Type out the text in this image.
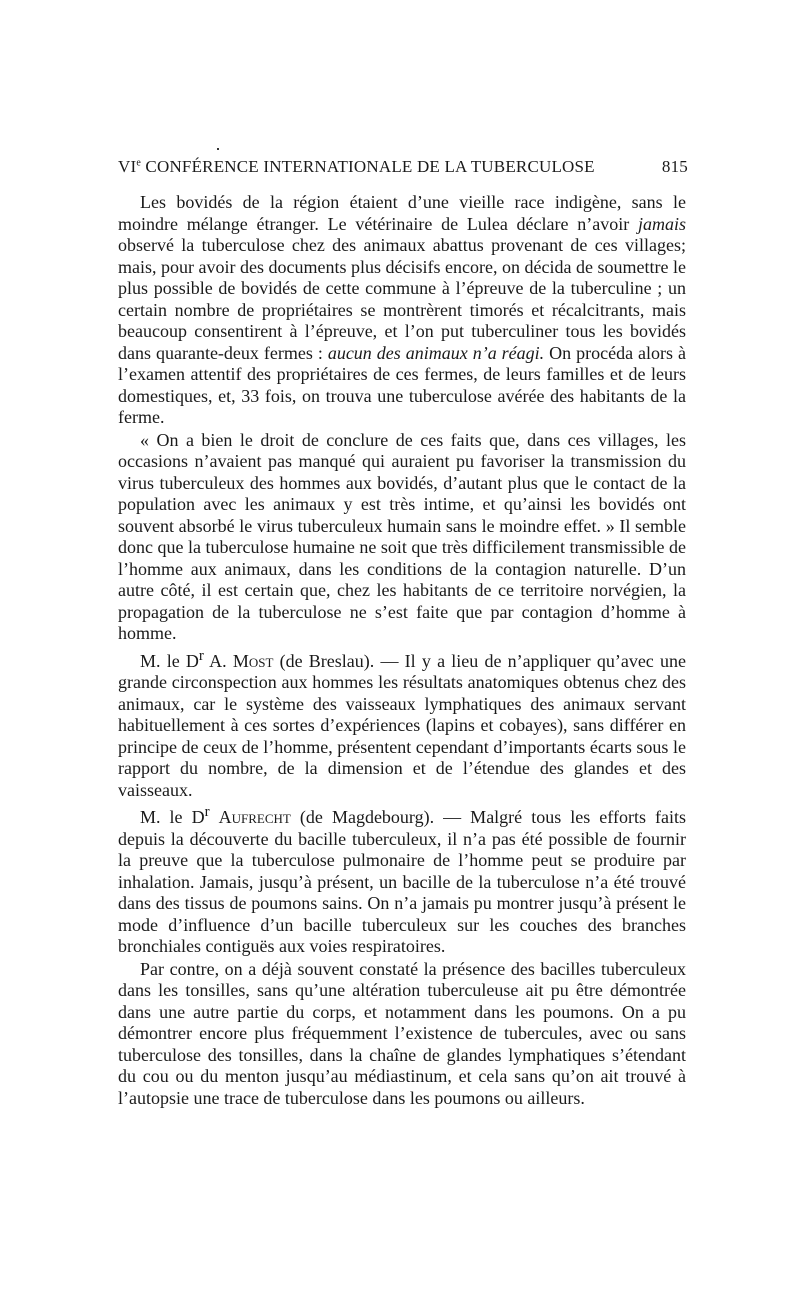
VIe CONFÉRENCE INTERNATIONALE DE LA TUBERCULOSE	815

Les bovidés de la région étaient d’une vieille race indigène, sans le moindre mélange étranger. Le vétérinaire de Lulea déclare n’avoir jamais observé la tuberculose chez des animaux abattus provenant de ces villages; mais, pour avoir des documents plus décisifs encore, on décida de soumettre le plus possible de bovidés de cette commune à l’épreuve de la tuberculine ; un certain nombre de propriétaires se montrèrent timorés et récalcitrants, mais beaucoup consentirent à l’épreuve, et l’on put tuberculiner tous les bovidés dans quarante-deux fermes : aucun des animaux n’a réagi. On procéda alors à l’examen attentif des propriétaires de ces fermes, de leurs familles et de leurs domestiques, et, 33 fois, on trouva une tuberculose avérée des habitants de la ferme.

« On a bien le droit de conclure de ces faits que, dans ces villages, les occasions n’avaient pas manqué qui auraient pu favoriser la transmission du virus tuberculeux des hommes aux bovidés, d’autant plus que le contact de la population avec les animaux y est très intime, et qu’ainsi les bovidés ont souvent absorbé le virus tuberculeux humain sans le moindre effet. » Il semble donc que la tuberculose humaine ne soit que très difficilement transmissible de l’homme aux animaux, dans les conditions de la contagion naturelle. D’un autre côté, il est certain que, chez les habitants de ce territoire norvégien, la propagation de la tuberculose ne s’est faite que par contagion d’homme à homme.

M. le $D^r$ A. Most (de Breslau). — Il y a lieu de n’appliquer qu’avec une grande circonspection aux hommes les résultats anatomiques obtenus chez des animaux, car le système des vaisseaux lymphatiques des animaux servant habituellement à ces sortes d’expériences (lapins et cobayes), sans différer en principe de ceux de l’homme, présentent cependant d’importants écarts sous le rapport du nombre, de la dimension et de l’étendue des glandes et des vaisseaux.

M. le $D^r$ Aufrecht (de Magdebourg). — Malgré tous les efforts faits depuis la découverte du bacille tuberculeux, il n’a pas été possible de fournir la preuve que la tuberculose pulmonaire de l’homme peut se produire par inhalation. Jamais, jusqu’à présent, un bacille de la tuberculose n’a été trouvé dans des tissus de poumons sains. On n’a jamais pu montrer jusqu’à présent le mode d’influence d’un bacille tuberculeux sur les couches des branches bronchiales contiguës aux voies respiratoires.

Par contre, on a déjà souvent constaté la présence des bacilles tuberculeux dans les tonsilles, sans qu’une altération tuberculeuse ait pu être démontrée dans une autre partie du corps, et notamment dans les poumons. On a pu démontrer encore plus fréquemment l’existence de tubercules, avec ou sans tuberculose des tonsilles, dans la chaîne de glandes lymphatiques s’étendant du cou ou du menton jusqu’au médiastinum, et cela sans qu’on ait trouvé à l’autopsie une trace de tuberculose dans les poumons ou ailleurs.
